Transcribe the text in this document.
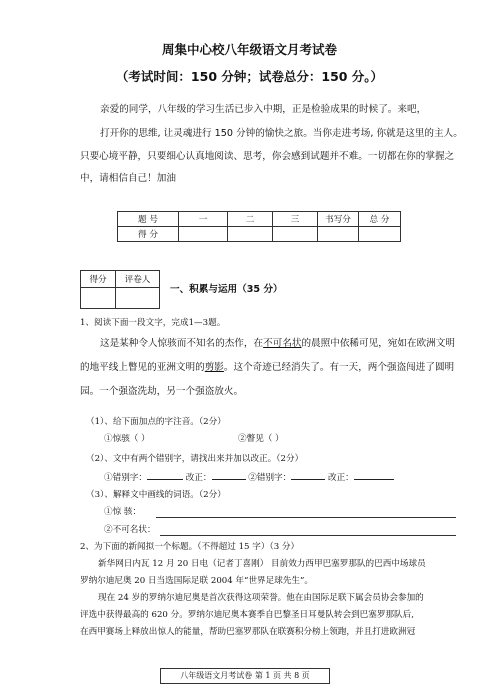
周集中心校八年级语文月考试卷
（考试时间：150 分钟；试卷总分：150 分。）
亲爱的同学，八年级的学习生活已步入中期，正是检验成果的时候了。来吧，
打开你的思维, 让灵魂进行 150 分钟的愉快之旅。当你走进考场, 你就是这里的主人。
只要心境平静，只要细心认真地阅读、思考，你会感到试题并不难。一切都在你的掌握之
中，请相信自己！加油
题 号	一	二	三	书写分	总 分
得 分					
得分	评卷人

一、积累与运用（35 分）
1、阅读下面一段文字，完成1—3题。
这是某种令人惊骇而不知名的杰作，在不可名状的晨照中依稀可见，宛如在欧洲文明
的地平线上瞥见的亚洲文明的剪影。这个奇迹已经消失了。有一天，两个强盗闯进了圆明
园。一个强盗洗劫，另一个强盗放火。
（1）、给下面加点的字注音。（2分）
①惊骇（ ）	②瞥见（ ）
（2）、文中有两个错别字，请找出来并加以改正。（2分）
①错别字：	改正：	②错别字：	改正：
（3）、解释文中画线的词语。（2分）
①惊 骇：
②不可名状：
2、为下面的新闻拟一个标题。（不得超过 15 字）（3 分）
新华网日内瓦 12 月 20 日电（记者丁喜刚） 目前效力西甲巴塞罗那队的巴西中场球员
罗纳尔迪尼奥 20 日当选国际足联 2004 年“世界足球先生”。
现在 24 岁的罗纳尔迪尼奥是首次获得这项荣誉。他在由国际足联下属会员协会参加的
评选中获得最高的 620 分。罗纳尔迪尼奥本赛季自巴黎圣日耳曼队转会到巴塞罗那队后,
在西甲赛场上释放出惊人的能量，帮助巴塞罗那队在联赛积分榜上领跑，并且打进欧洲冠
八年级语文月考试卷 第 1 页 共 8 页
